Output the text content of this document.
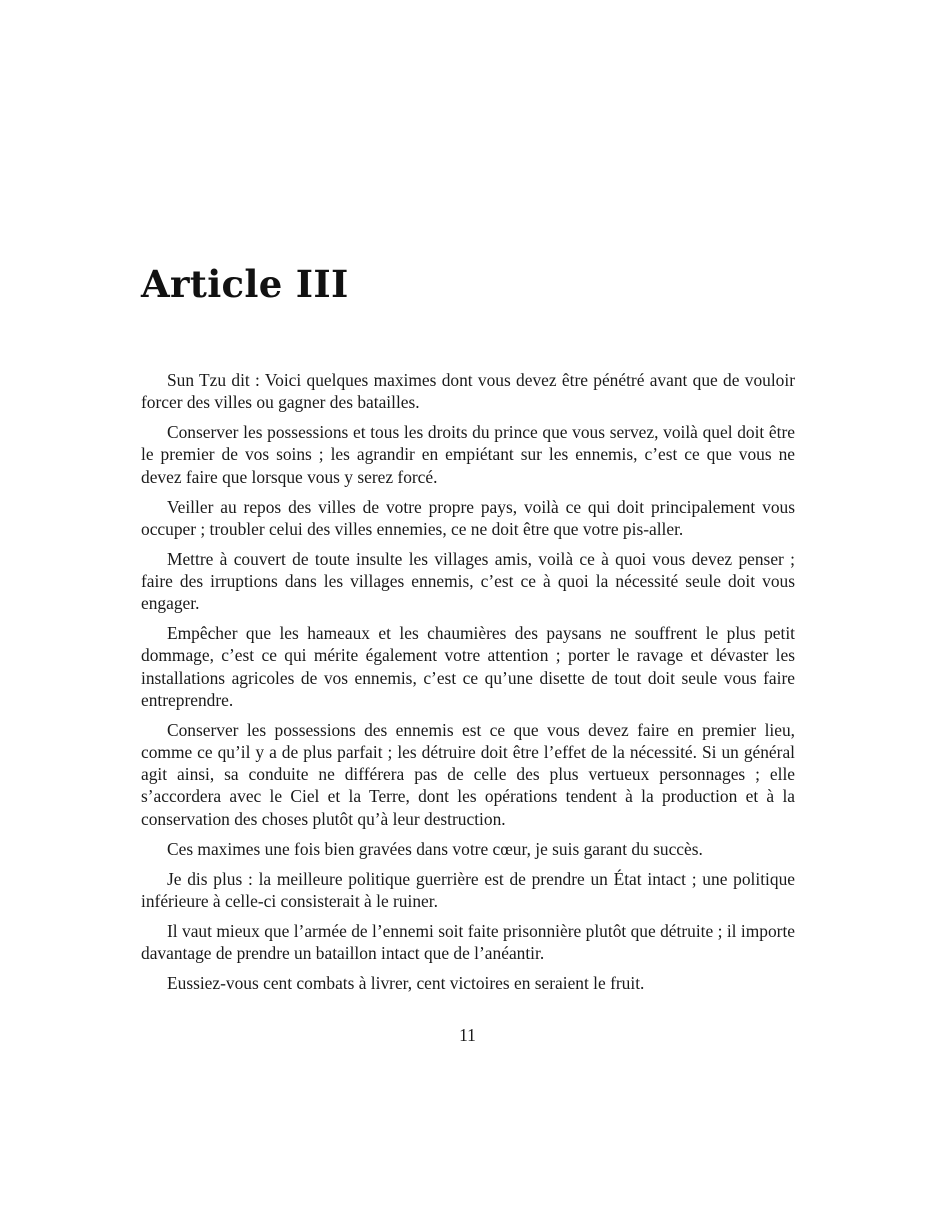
Article III

Sun Tzu dit : Voici quelques maximes dont vous devez être pénétré avant que de vouloir forcer des villes ou gagner des batailles.

Conserver les possessions et tous les droits du prince que vous servez, voilà quel doit être le premier de vos soins ; les agrandir en empiétant sur les ennemis, c’est ce que vous ne devez faire que lorsque vous y serez forcé.

Veiller au repos des villes de votre propre pays, voilà ce qui doit principalement vous occuper ; troubler celui des villes ennemies, ce ne doit être que votre pis-aller.

Mettre à couvert de toute insulte les villages amis, voilà ce à quoi vous devez penser ; faire des irruptions dans les villages ennemis, c’est ce à quoi la nécessité seule doit vous engager.

Empêcher que les hameaux et les chaumières des paysans ne souffrent le plus petit dommage, c’est ce qui mérite également votre attention ; porter le ravage et dévaster les installations agricoles de vos ennemis, c’est ce qu’une disette de tout doit seule vous faire entreprendre.

Conserver les possessions des ennemis est ce que vous devez faire en premier lieu, comme ce qu’il y a de plus parfait ; les détruire doit être l’effet de la nécessité. Si un général agit ainsi, sa conduite ne différera pas de celle des plus vertueux personnages ; elle s’accordera avec le Ciel et la Terre, dont les opérations tendent à la production et à la conservation des choses plutôt qu’à leur destruction.

Ces maximes une fois bien gravées dans votre cœur, je suis garant du succès.

Je dis plus : la meilleure politique guerrière est de prendre un État intact ; une politique inférieure à celle-ci consisterait à le ruiner.

Il vaut mieux que l’armée de l’ennemi soit faite prisonnière plutôt que détruite ; il importe davantage de prendre un bataillon intact que de l’anéantir.

Eussiez-vous cent combats à livrer, cent victoires en seraient le fruit.

11
